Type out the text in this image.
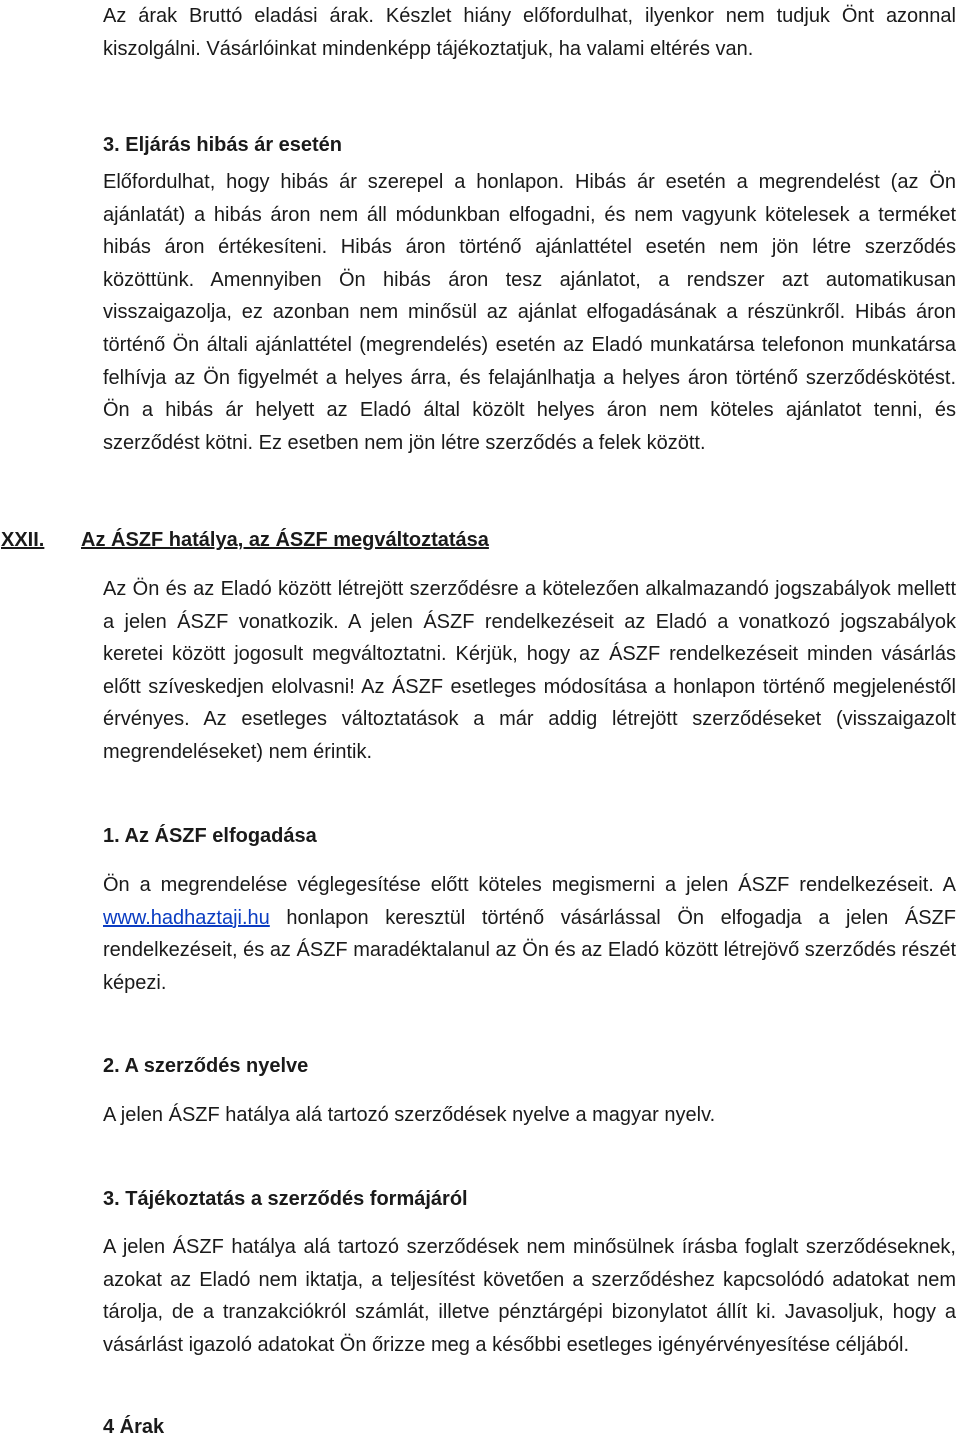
Az árak Bruttó eladási árak. Készlet hiány előfordulhat, ilyenkor nem tudjuk Önt azonnal kiszolgálni. Vásárlóinkat mindenképp tájékoztatjuk, ha valami eltérés van.

3. Eljárás hibás ár esetén

Előfordulhat, hogy hibás ár szerepel a honlapon. Hibás ár esetén a megrendelést (az Ön ajánlatát) a hibás áron nem áll módunkban elfogadni, és nem vagyunk kötelesek a terméket hibás áron értékesíteni. Hibás áron történő ajánlattétel esetén nem jön létre szerződés közöttünk. Amennyiben Ön hibás áron tesz ajánlatot, a rendszer azt automatikusan visszaigazolja, ez azonban nem minősül az ajánlat elfogadásának a részünkről. Hibás áron történő Ön általi ajánlattétel (megrendelés) esetén az Eladó munkatársa telefonon munkatársa felhívja az Ön figyelmét a helyes árra, és felajánlhatja a helyes áron történő szerződéskötést. Ön a hibás ár helyett az Eladó által közölt helyes áron nem köteles ajánlatot tenni, és szerződést kötni. Ez esetben nem jön létre szerződés a felek között.

XXII. Az ÁSZF hatálya, az ÁSZF megváltoztatása

Az Ön és az Eladó között létrejött szerződésre a kötelezően alkalmazandó jogszabályok mellett a jelen ÁSZF vonatkozik. A jelen ÁSZF rendelkezéseit az Eladó a vonatkozó jogszabályok keretei között jogosult megváltoztatni. Kérjük, hogy az ÁSZF rendelkezéseit minden vásárlás előtt szíveskedjen elolvasni! Az ÁSZF esetleges módosítása a honlapon történő megjelenéstől érvényes. Az esetleges változtatások a már addig létrejött szerződéseket (visszaigazolt megrendeléseket) nem érintik.

1. Az ÁSZF elfogadása

Ön a megrendelése véglegesítése előtt köteles megismerni a jelen ÁSZF rendelkezéseit. A www.hadhaztaji.hu honlapon keresztül történő vásárlással Ön elfogadja a jelen ÁSZF rendelkezéseit, és az ÁSZF maradéktalanul az Ön és az Eladó között létrejövő szerződés részét képezi.

2. A szerződés nyelve

A jelen ÁSZF hatálya alá tartozó szerződések nyelve a magyar nyelv.

3. Tájékoztatás a szerződés formájáról

A jelen ÁSZF hatálya alá tartozó szerződések nem minősülnek írásba foglalt szerződéseknek, azokat az Eladó nem iktatja, a teljesítést követően a szerződéshez kapcsolódó adatokat nem tárolja, de a tranzakciókról számlát, illetve pénztárgépi bizonylatot állít ki. Javasoljuk, hogy a vásárlást igazoló adatokat Ön őrizze meg a későbbi esetleges igényérvényesítése céljából.

4 Árak
